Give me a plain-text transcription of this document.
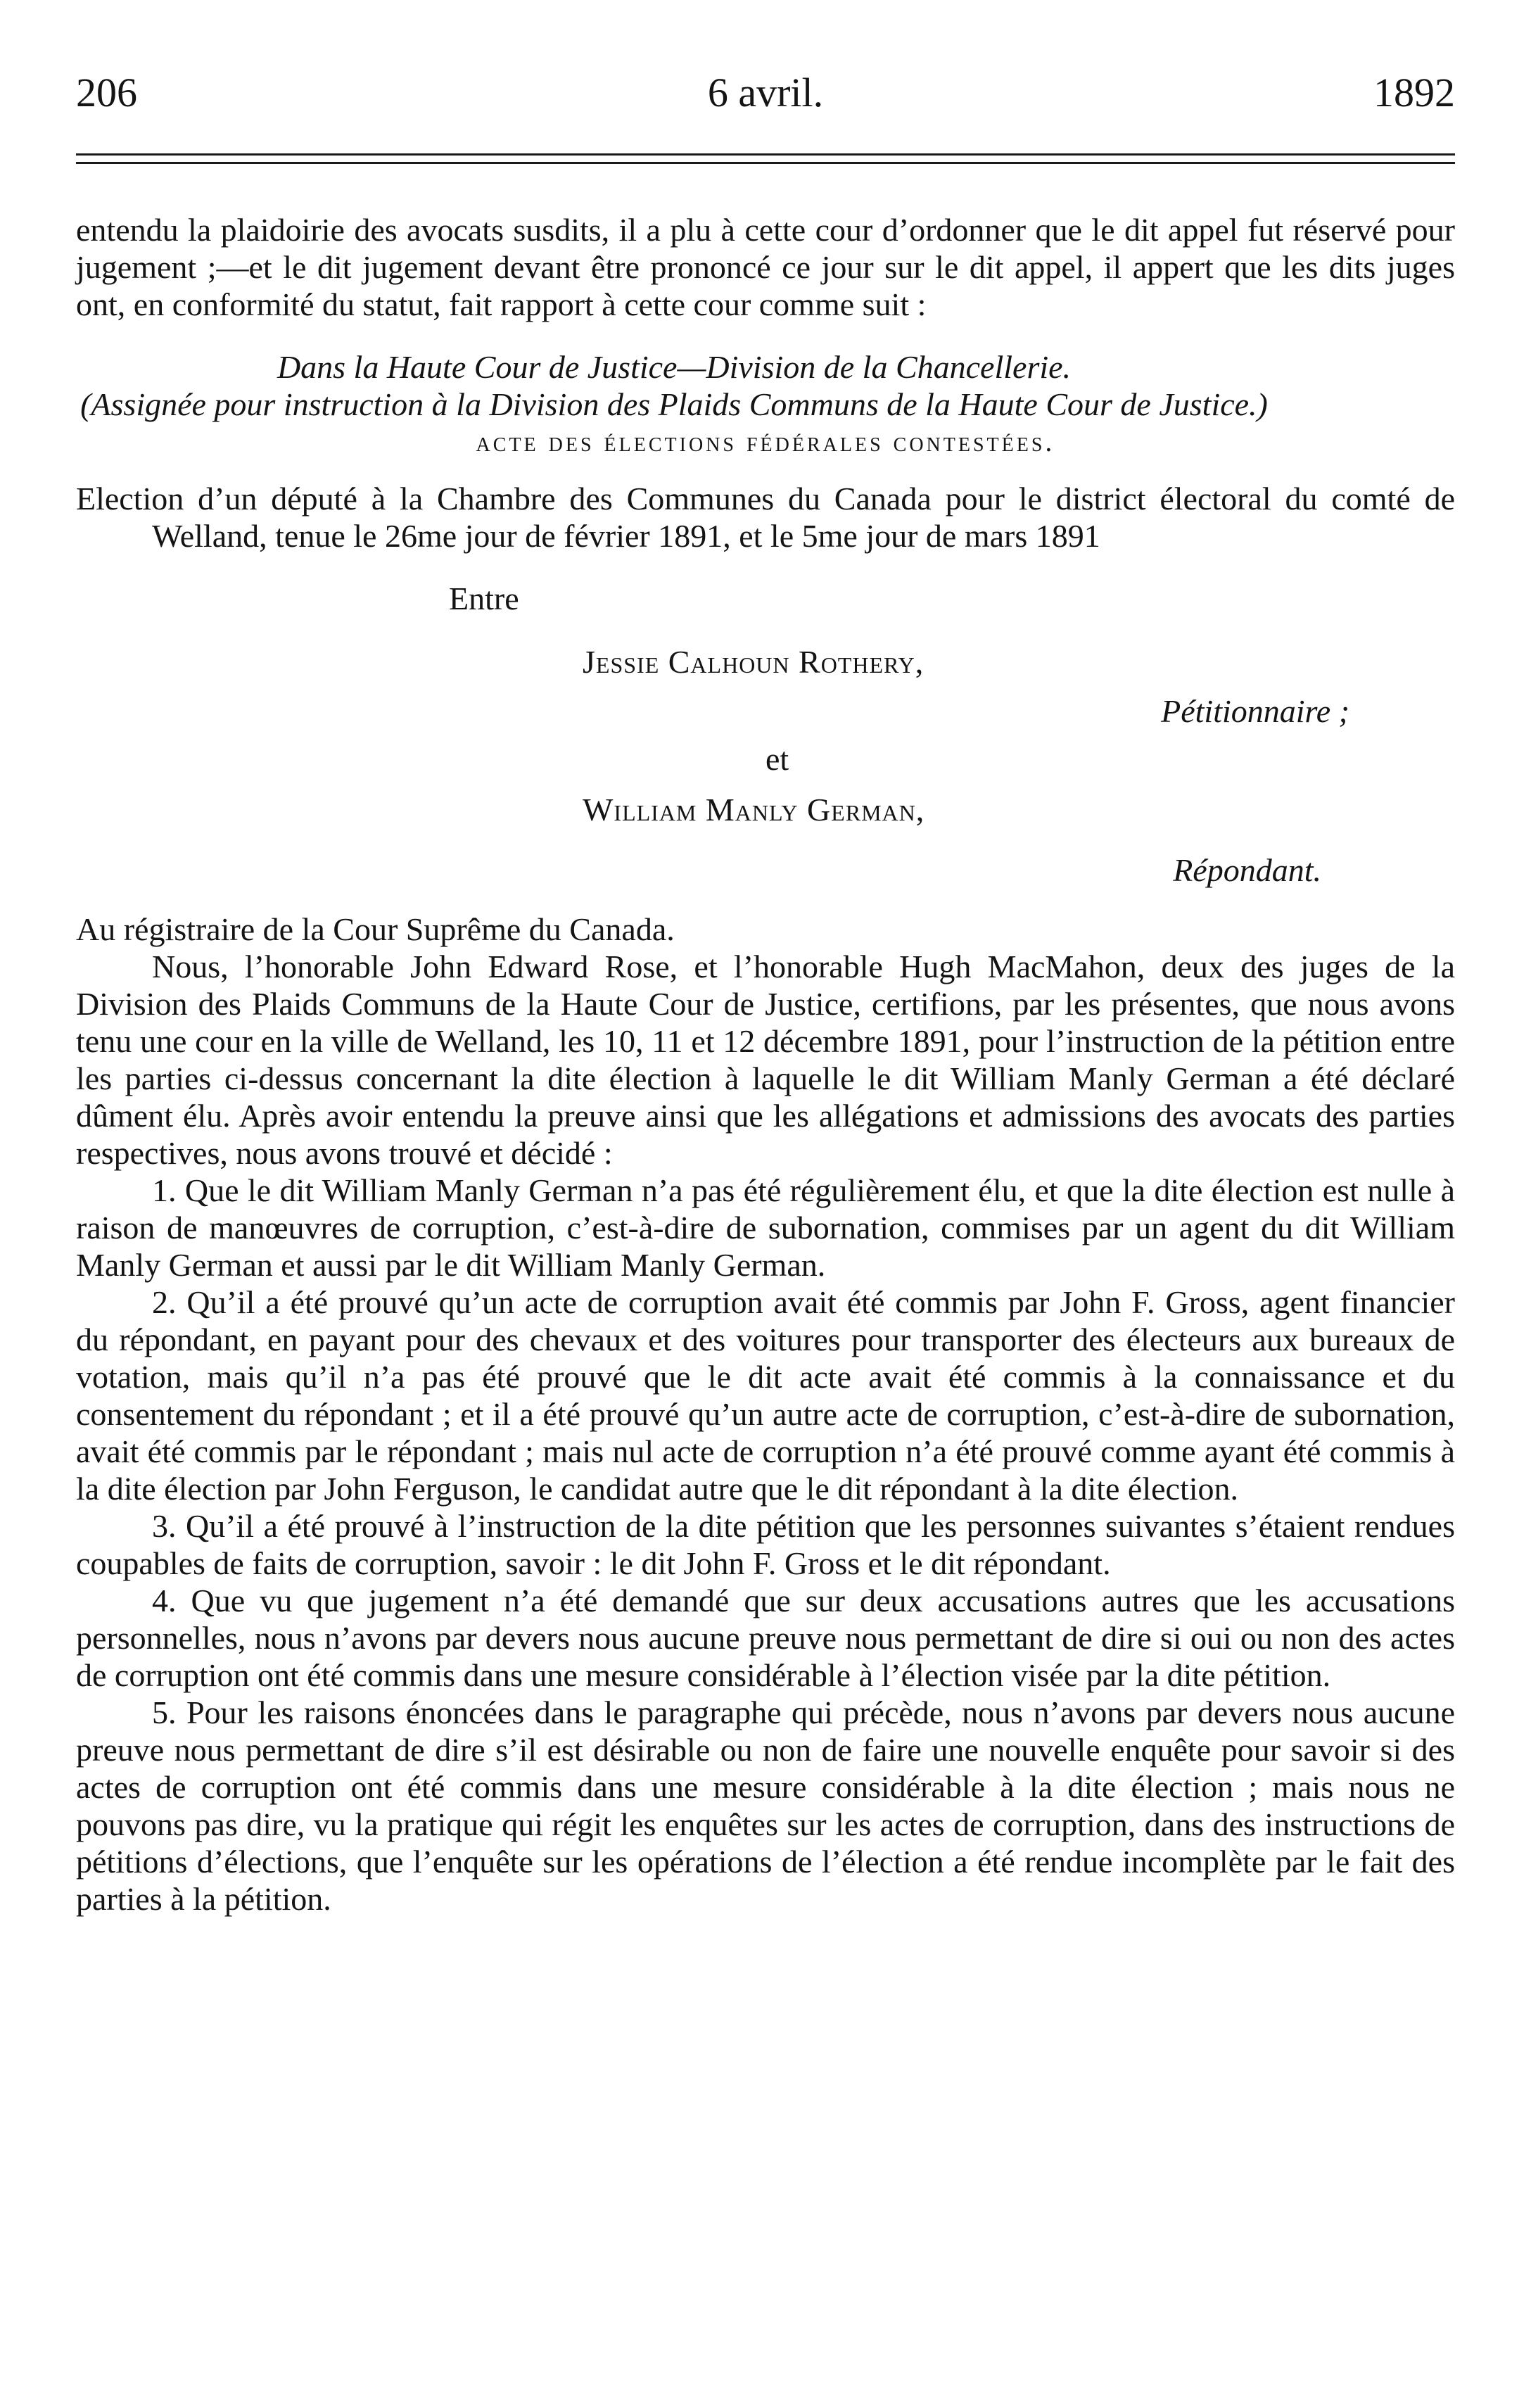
206	6 avril.	1892

entendu la plaidoirie des avocats susdits, il a plu à cette cour d’ordonner que le dit appel fut réservé pour jugement ;—et le dit jugement devant être prononcé ce jour sur le dit appel, il appert que les dits juges ont, en conformité du statut, fait rapport à cette cour comme suit :

Dans la Haute Cour de Justice—Division de la Chancellerie.

(Assignée pour instruction à la Division des Plaids Communs de la Haute Cour de Justice.)

acte des élections fédérales contestées.

Election d’un député à la Chambre des Communes du Canada pour le district électoral du comté de Welland, tenue le 26me jour de février 1891, et le 5me jour de mars 1891

Entre
Jessie Calhoun Rothery,
Pétitionnaire ;
et
William Manly German,
Répondant.

Au régistraire de la Cour Suprême du Canada.

Nous, l’honorable John Edward Rose, et l’honorable Hugh MacMahon, deux des juges de la Division des Plaids Communs de la Haute Cour de Justice, certifions, par les présentes, que nous avons tenu une cour en la ville de Welland, les 10, 11 et 12 décembre 1891, pour l’instruction de la pétition entre les parties ci-dessus concernant la dite élection à laquelle le dit William Manly German a été déclaré dûment élu. Après avoir entendu la preuve ainsi que les allégations et admissions des avocats des parties respectives, nous avons trouvé et décidé :

1. Que le dit William Manly German n’a pas été régulièrement élu, et que la dite élection est nulle à raison de manœuvres de corruption, c’est-à-dire de subornation, commises par un agent du dit William Manly German et aussi par le dit William Manly German.

2. Qu’il a été prouvé qu’un acte de corruption avait été commis par John F. Gross, agent financier du répondant, en payant pour des chevaux et des voitures pour transporter des électeurs aux bureaux de votation, mais qu’il n’a pas été prouvé que le dit acte avait été commis à la connaissance et du consentement du répondant ; et il a été prouvé qu’un autre acte de corruption, c’est-à-dire de subornation, avait été commis par le répondant ; mais nul acte de corruption n’a été prouvé comme ayant été commis à la dite élection par John Ferguson, le candidat autre que le dit répondant à la dite élection.

3. Qu’il a été prouvé à l’instruction de la dite pétition que les personnes suivantes s’étaient rendues coupables de faits de corruption, savoir : le dit John F. Gross et le dit répondant.

4. Que vu que jugement n’a été demandé que sur deux accusations autres que les accusations personnelles, nous n’avons par devers nous aucune preuve nous permettant de dire si oui ou non des actes de corruption ont été commis dans une mesure considérable à l’élection visée par la dite pétition.

5. Pour les raisons énoncées dans le paragraphe qui précède, nous n’avons par devers nous aucune preuve nous permettant de dire s’il est désirable ou non de faire une nouvelle enquête pour savoir si des actes de corruption ont été commis dans une mesure considérable à la dite élection ; mais nous ne pouvons pas dire, vu la pratique qui régit les enquêtes sur les actes de corruption, dans des instructions de pétitions d’élections, que l’enquête sur les opérations de l’élection a été rendue incomplète par le fait des parties à la pétition.
